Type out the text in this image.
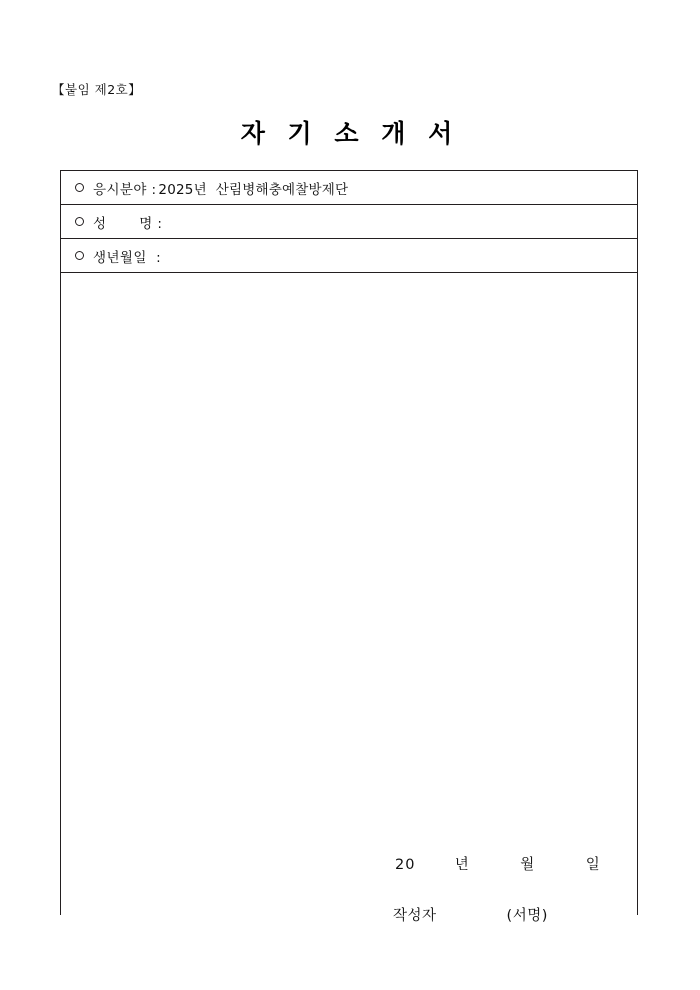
【붙임 제2호】
자 기 소 개 서
응시분야 : 2025년  산림병해충예찰방제단
성       명 :
생년월일  :
20       년         월         일
작성자	(서명)
